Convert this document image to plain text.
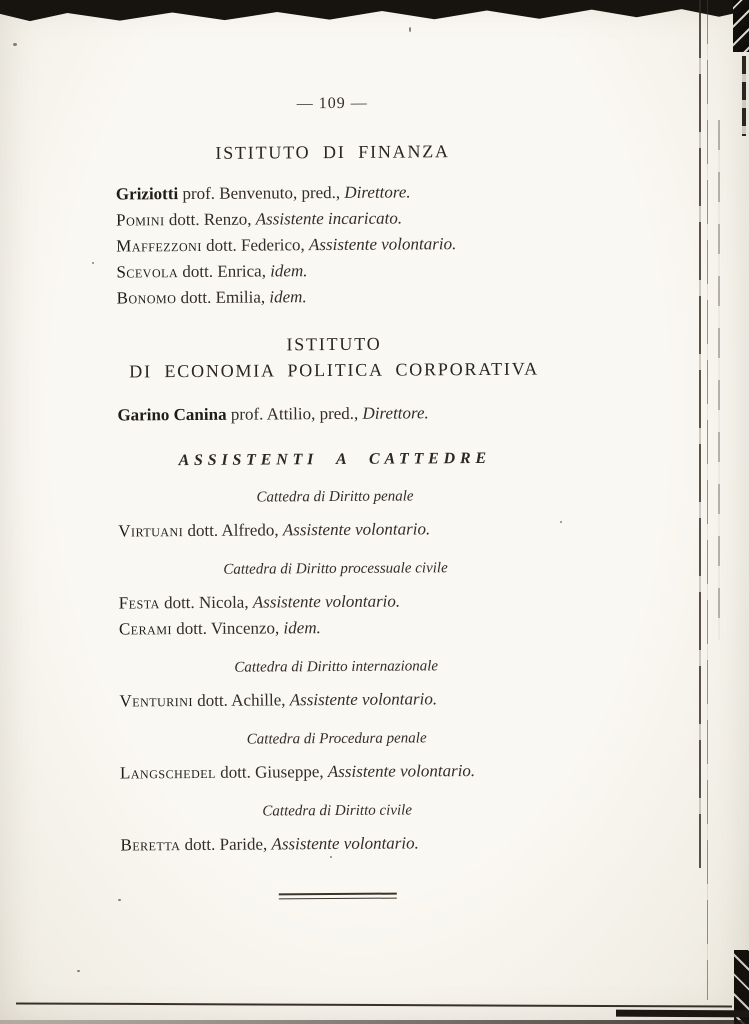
— 109 —

ISTITUTO DI FINANZA

Griziotti prof. Benvenuto, pred., Direttore.

Pomini dott. Renzo, Assistente incaricato.

Maffezzoni dott. Federico, Assistente volontario.

Scevola dott. Enrica, idem.

Bonomo dott. Emilia, idem.

ISTITUTO
DI ECONOMIA POLITICA CORPORATIVA

Garino Canina prof. Attilio, pred., Direttore.

ASSISTENTI A CATTEDRE

Cattedra di Diritto penale

Virtuani dott. Alfredo, Assistente volontario.

Cattedra di Diritto processuale civile

Festa dott. Nicola, Assistente volontario.

Cerami dott. Vincenzo, idem.

Cattedra di Diritto internazionale

Venturini dott. Achille, Assistente volontario.

Cattedra di Procedura penale

Langschedel dott. Giuseppe, Assistente volontario.

Cattedra di Diritto civile

Beretta dott. Paride, Assistente volontario.
